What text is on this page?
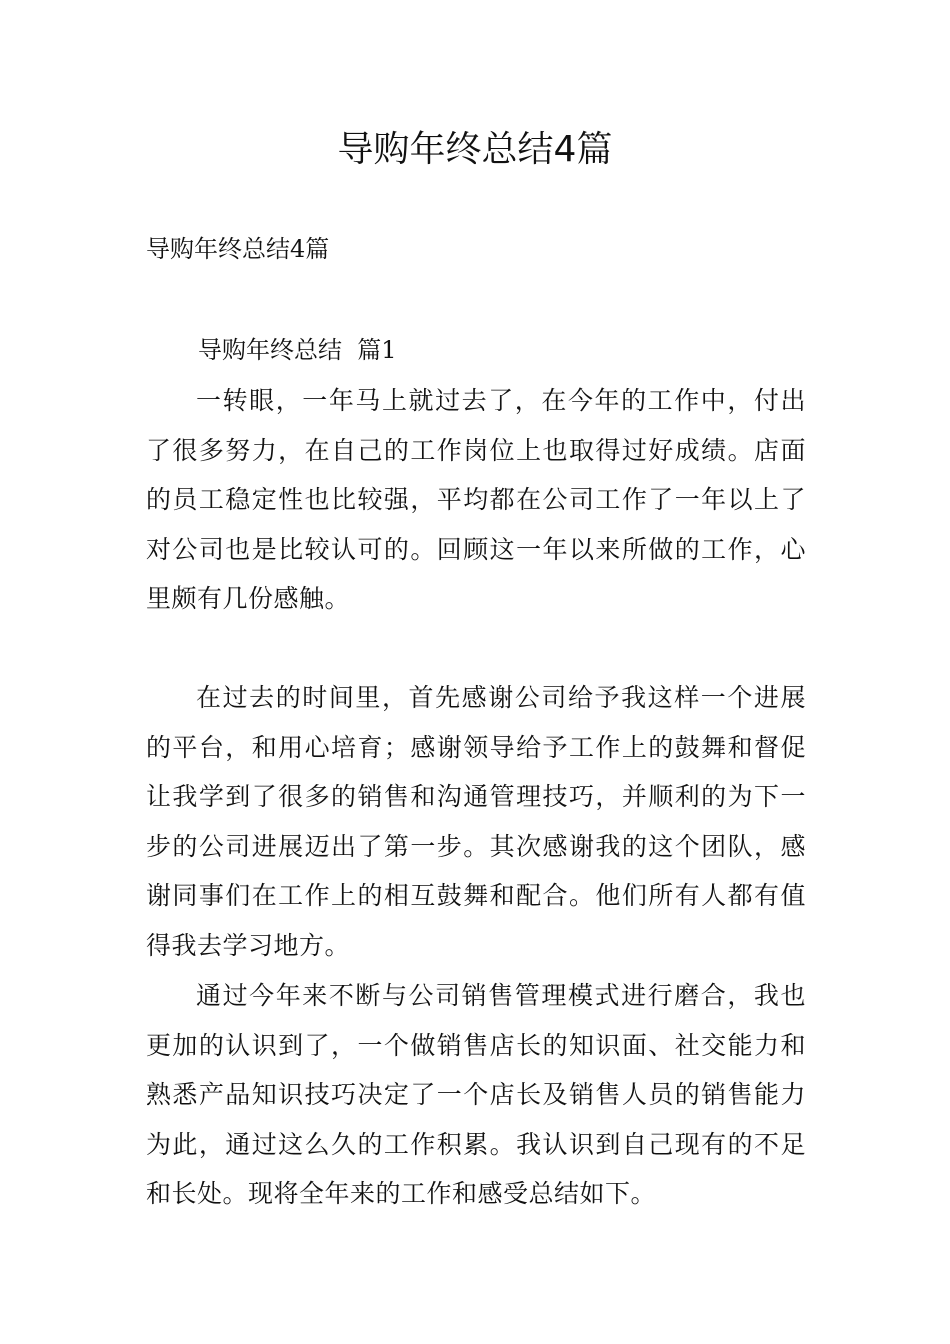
导购年终总结4篇

导购年终总结4篇

导购年终总结  篇1

一转眼，一年马上就过去了，在今年的工作中，付出了很多努力，在自己的工作岗位上也取得过好成绩。店面的员工稳定性也比较强，平均都在公司工作了一年以上了对公司也是比较认可的。回顾这一年以来所做的工作，心里颇有几份感触。

在过去的时间里，首先感谢公司给予我这样一个进展的平台，和用心培育；感谢领导给予工作上的鼓舞和督促让我学到了很多的销售和沟通管理技巧，并顺利的为下一步的公司进展迈出了第一步。其次感谢我的这个团队，感谢同事们在工作上的相互鼓舞和配合。他们所有人都有值得我去学习地方。

通过今年来不断与公司销售管理模式进行磨合，我也更加的认识到了，一个做销售店长的知识面、社交能力和熟悉产品知识技巧决定了一个店长及销售人员的销售能力为此，通过这么久的工作积累。我认识到自己现有的不足和长处。现将全年来的工作和感受总结如下。
